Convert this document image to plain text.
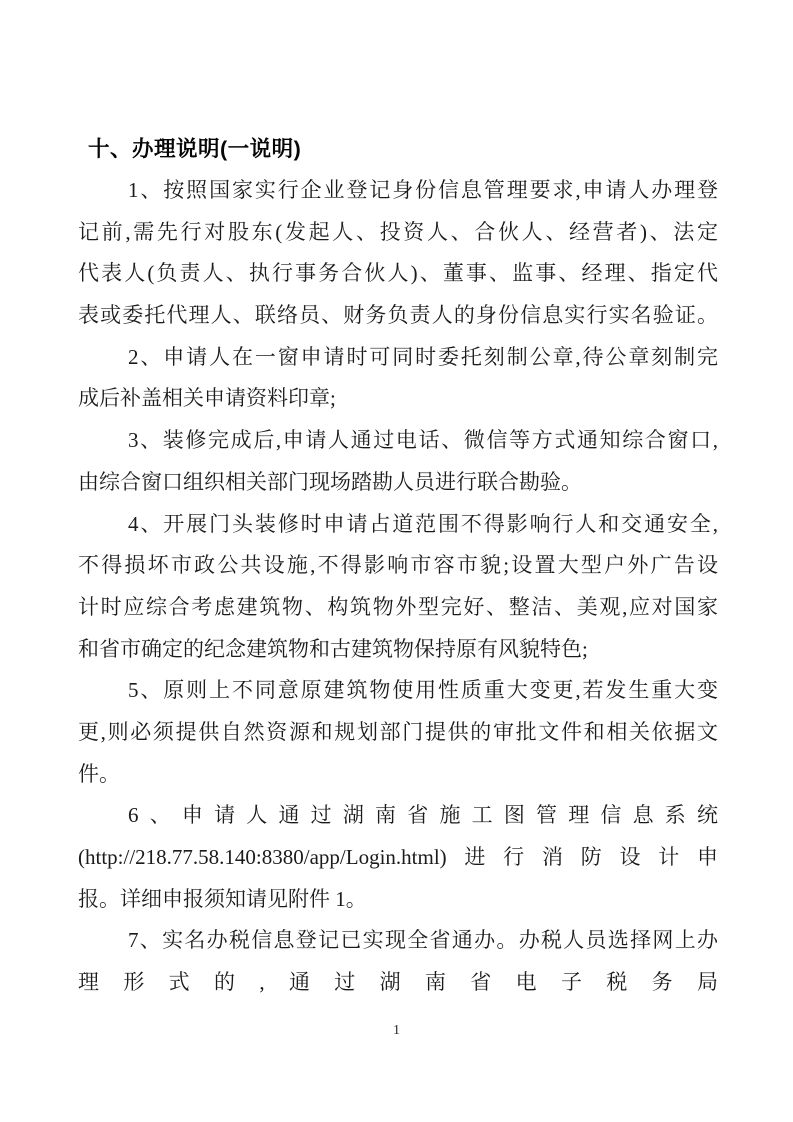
十、办理说明(一说明)
1、按照国家实行企业登记身份信息管理要求,申请人办理登
记前,需先行对股东(发起人、投资人、合伙人、经营者)、法定
代表人(负责人、执行事务合伙人)、董事、监事、经理、指定代
表或委托代理人、联络员、财务负责人的身份信息实行实名验证。
2、申请人在一窗申请时可同时委托刻制公章,待公章刻制完
成后补盖相关申请资料印章;
3、装修完成后,申请人通过电话、微信等方式通知综合窗口,
由综合窗口组织相关部门现场踏勘人员进行联合勘验。
4、开展门头装修时申请占道范围不得影响行人和交通安全,
不得损坏市政公共设施,不得影响市容市貌;设置大型户外广告设
计时应综合考虑建筑物、构筑物外型完好、整洁、美观,应对国家
和省市确定的纪念建筑物和古建筑物保持原有风貌特色;
5、原则上不同意原建筑物使用性质重大变更,若发生重大变
更,则必须提供自然资源和规划部门提供的审批文件和相关依据文
件。
6、申请人通过湖南省施工图管理信息系统
(http://218.77.58.140:8380/app/Login.html)进行消防设计申
报。详细申报须知请见附件 1。
7、实名办税信息登记已实现全省通办。办税人员选择网上办
理形式的,通过湖南省电子税务局
1
